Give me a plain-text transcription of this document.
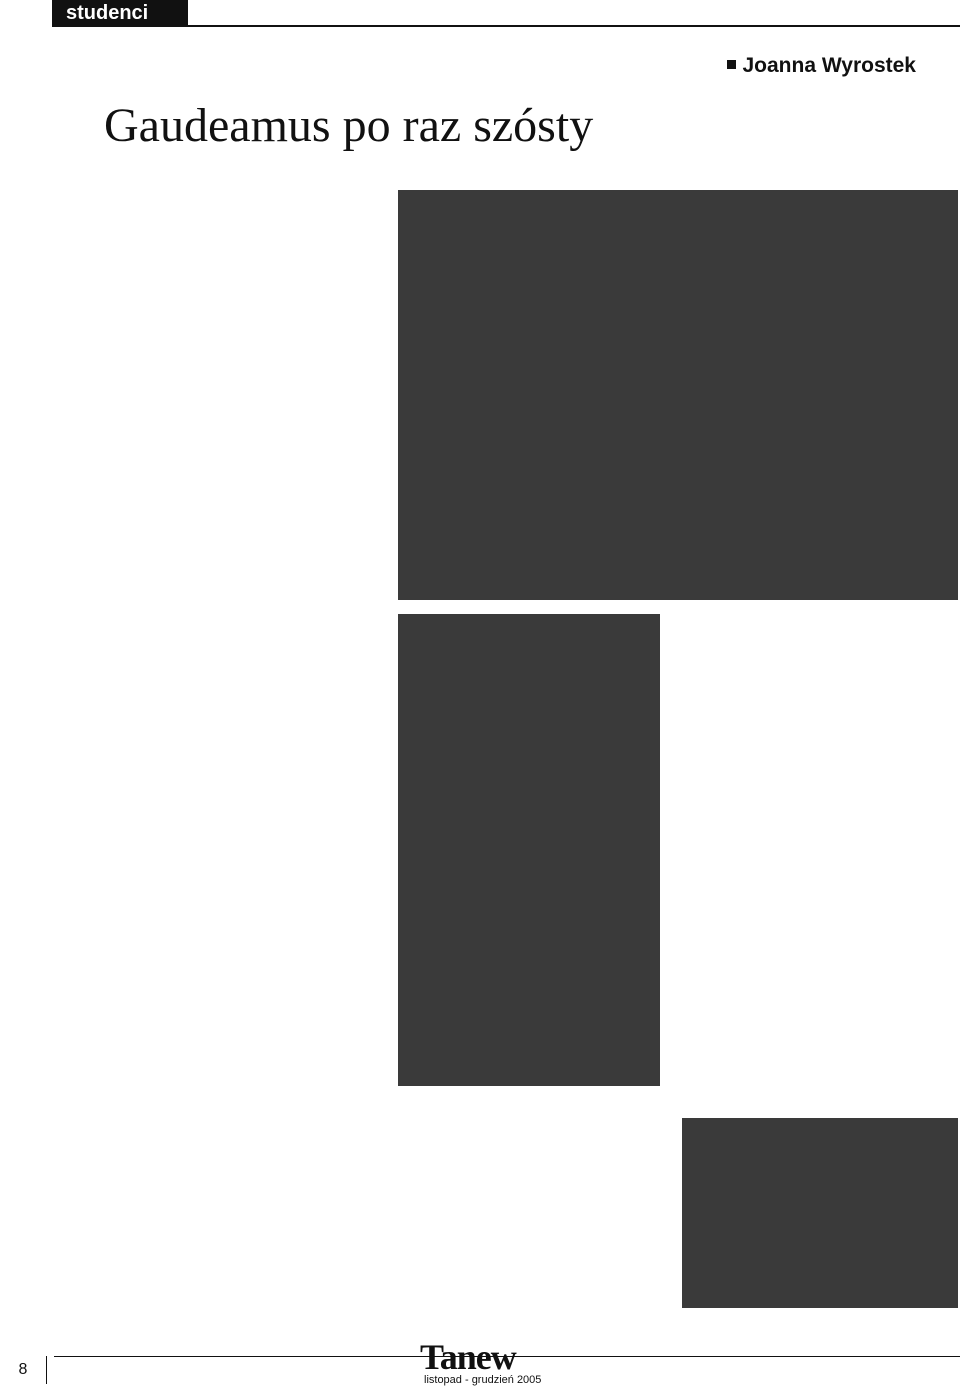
studenci
Joanna Wyrostek
Gaudeamus po raz szósty

8	Tanew
listopad - grudzień 2005
